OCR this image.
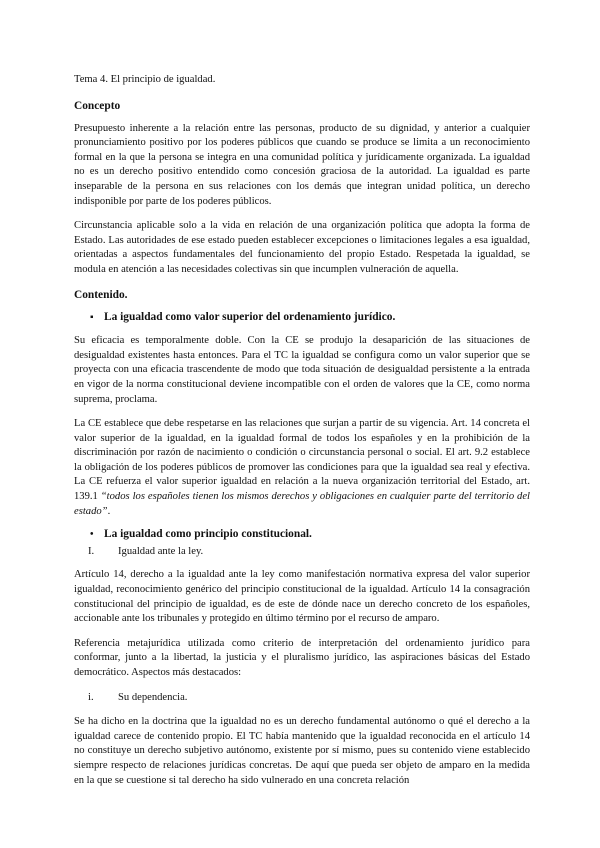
Tema 4. El principio de igualdad.

Concepto

Presupuesto inherente a la relación entre las personas, producto de su dignidad, y anterior a cualquier pronunciamiento positivo por los poderes públicos que cuando se produce se limita a un reconocimiento formal en la que la persona se integra en una comunidad política y jurídicamente organizada. La igualdad no es un derecho positivo entendido como concesión graciosa de la autoridad. La igualdad es parte inseparable de la persona en sus relaciones con los demás que integran unidad política, un derecho indisponible por parte de los poderes públicos.

Circunstancia aplicable solo a la vida en relación de una organización política que adopta la forma de Estado. Las autoridades de ese estado pueden establecer excepciones o limitaciones legales a esa igualdad, orientadas a aspectos fundamentales del funcionamiento del propio Estado. Respetada la igualdad, se modula en atención a las necesidades colectivas sin que incumplen vulneración de aquella.

Contenido.

▪ La igualdad como valor superior del ordenamiento jurídico.

Su eficacia es temporalmente doble. Con la CE se produjo la desaparición de las situaciones de desigualdad existentes hasta entonces. Para el TC la igualdad se configura como un valor superior que se proyecta con una eficacia trascendente de modo que toda situación de desigualdad persistente a la entrada en vigor de la norma constitucional deviene incompatible con el orden de valores que la CE, como norma suprema, proclama.

La CE establece que debe respetarse en las relaciones que surjan a partir de su vigencia. Art. 14 concreta el valor superior de la igualdad, en la igualdad formal de todos los españoles y en la prohibición de la discriminación por razón de nacimiento o condición o circunstancia personal o social. El art. 9.2 establece la obligación de los poderes públicos de promover las condiciones para que la igualdad sea real y efectiva. La CE refuerza el valor superior igualdad en relación a la nueva organización territorial del Estado, art. 139.1 “todos los españoles tienen los mismos derechos y obligaciones en cualquier parte del territorio del estado”.

• La igualdad como principio constitucional.
I.	Igualdad ante la ley.

Artículo 14, derecho a la igualdad ante la ley como manifestación normativa expresa del valor superior igualdad, reconocimiento genérico del principio constitucional de la igualdad. Artículo 14 la consagración constitucional del principio de igualdad, es de este de dónde nace un derecho concreto de los españoles, accionable ante los tribunales y protegido en último término por el recurso de amparo.

Referencia metajurídica utilizada como criterio de interpretación del ordenamiento jurídico para conformar, junto a la libertad, la justicia y el pluralismo jurídico, las aspiraciones básicas del Estado democrático. Aspectos más destacados:

i.	Su dependencia.

Se ha dicho en la doctrina que la igualdad no es un derecho fundamental autónomo o qué el derecho a la igualdad carece de contenido propio. El TC había mantenido que la igualdad reconocida en el artículo 14 no constituye un derecho subjetivo autónomo, existente por sí mismo, pues su contenido viene establecido siempre respecto de relaciones jurídicas concretas. De aquí que pueda ser objeto de amparo en la medida en la que se cuestione si tal derecho ha sido vulnerado en una concreta relación
